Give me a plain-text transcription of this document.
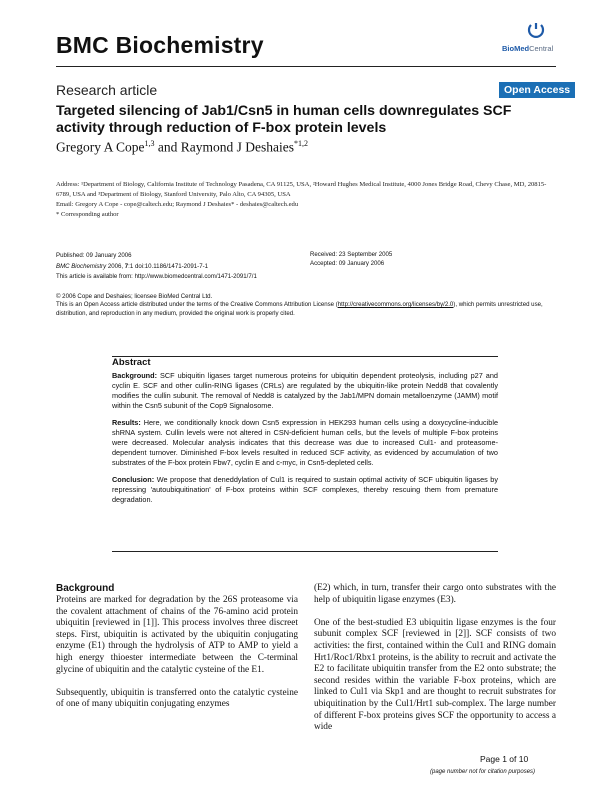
BMC Biochemistry	BioMedCentral
Research article	Open Access
Targeted silencing of Jab1/Csn5 in human cells downregulates SCF activity through reduction of F-box protein levels
Gregory A Cope$^{1,3}$ and Raymond J Deshaies$^{*1,2}$
Address: ¹Department of Biology, California Institute of Technology Pasadena, CA 91125, USA, ²Howard Hughes Medical Institute, 4000 Jones Bridge Road, Chevy Chase, MD, 20815-6789, USA and ³Department of Biology, Stanford University, Palo Alto, CA 94305, USA
Email: Gregory A Cope - cope@caltech.edu; Raymond J Deshaies* - deshaies@caltech.edu
* Corresponding author
Published: 09 January 2006
BMC Biochemistry 2006, 7:1 doi:10.1186/1471-2091-7-1
This article is available from: http://www.biomedcentral.com/1471-2091/7/1
Received: 23 September 2005
Accepted: 09 January 2006
© 2006 Cope and Deshaies; licensee BioMed Central Ltd.
This is an Open Access article distributed under the terms of the Creative Commons Attribution License (http://creativecommons.org/licenses/by/2.0), which permits unrestricted use, distribution, and reproduction in any medium, provided the original work is properly cited.
Abstract

Background: SCF ubiquitin ligases target numerous proteins for ubiquitin dependent proteolysis, including p27 and cyclin E. SCF and other cullin-RING ligases (CRLs) are regulated by the ubiquitin-like protein Nedd8 that covalently modifies the cullin subunit. The removal of Nedd8 is catalyzed by the Jab1/MPN domain metalloenzyme (JAMM) motif within the Csn5 subunit of the Cop9 Signalosome.

Results: Here, we conditionally knock down Csn5 expression in HEK293 human cells using a doxycycline-inducible shRNA system. Cullin levels were not altered in CSN-deficient human cells, but the levels of multiple F-box proteins were decreased. Molecular analysis indicates that this decrease was due to increased Cul1- and proteasome-dependent turnover. Diminished F-box levels resulted in reduced SCF activity, as evidenced by accumulation of two substrates of the F-box protein Fbw7, cyclin E and c-myc, in Csn5-depleted cells.

Conclusion: We propose that deneddylation of Cul1 is required to sustain optimal activity of SCF ubiquitin ligases by repressing 'autoubiquitination' of F-box proteins within SCF complexes, thereby rescuing them from premature degradation.

Background

Proteins are marked for degradation by the 26S proteasome via the covalent attachment of chains of the 76-amino acid protein ubiquitin [reviewed in [1]]. This process involves three discreet steps. First, ubiquitin is activated by the ubiquitin conjugating enzyme (E1) through the hydrolysis of ATP to AMP to yield a high energy thioester intermediate between the C-terminal glycine of ubiquitin and the catalytic cysteine of the E1.

Subsequently, ubiquitin is transferred onto the catalytic cysteine of one of many ubiquitin conjugating enzymes

(E2) which, in turn, transfer their cargo onto substrates with the help of ubiquitin ligase enzymes (E3).

One of the best-studied E3 ubiquitin ligase enzymes is the four subunit complex SCF [reviewed in [2]]. SCF consists of two activities: the first, contained within the Cul1 and RING domain Hrt1/Roc1/Rbx1 proteins, is the ability to recruit and activate the E2 to facilitate ubiquitin transfer from the E2 onto substrate; the second resides within the variable F-box proteins, which are linked to Cul1 via Skp1 and are thought to recruit substrates for ubiquitination by the Cul1/Hrt1 sub-complex. The large number of different F-box proteins gives SCF the opportunity to access a wide

Page 1 of 10
(page number not for citation purposes)
